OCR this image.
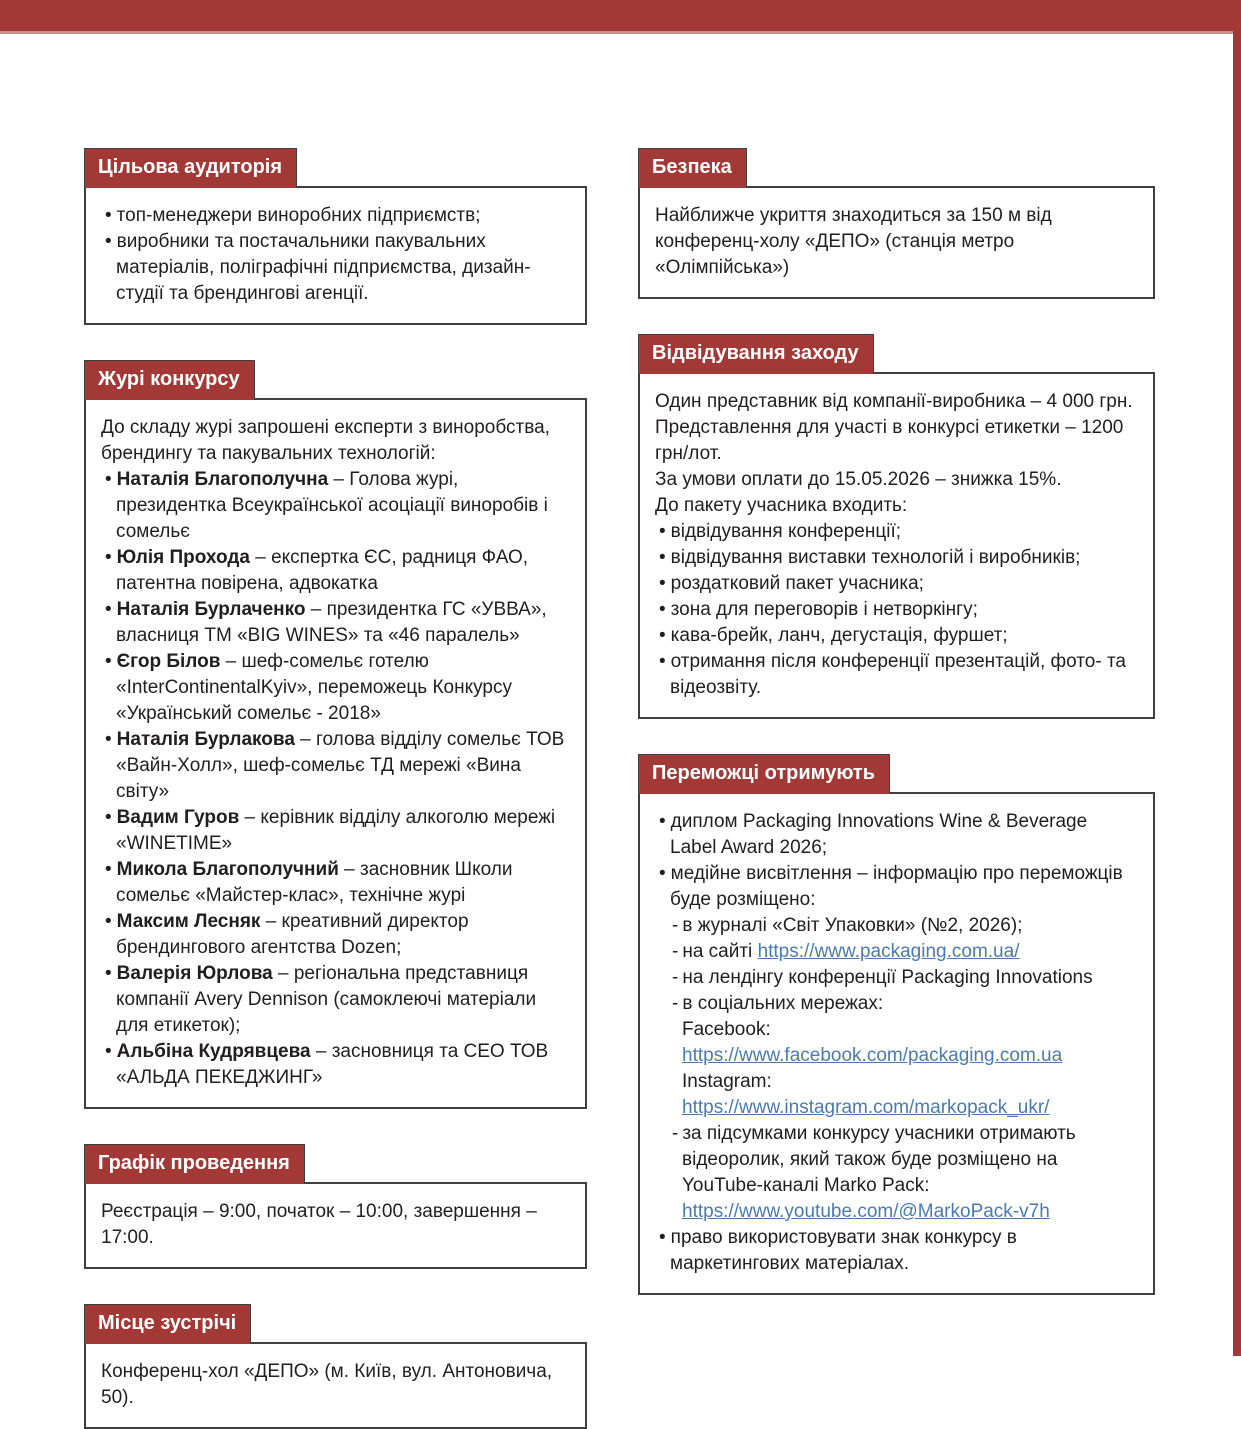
Цільова аудиторія

• топ-менеджери виноробних підприємств;

• виробники та постачальники пакувальних матеріалів, поліграфічні підприємства, дизайн-студії та брендингові агенції.

Журі конкурсу

До складу журі запрошені експерти з виноробства, брендингу та пакувальних технологій:

• Наталія Благополучна – Голова журі, президентка Всеукраїнської асоціації виноробів і сомельє

• Юлія Прохода – експертка ЄС, радниця ФАО, патентна повірена, адвокатка

• Наталія Бурлаченко – президентка ГС «УВВА», власниця ТМ «BIG WINES» та «46 паралель»

• Єгор Білов – шеф-сомельє готелю «InterContinentalKyiv», переможець Конкурсу «Український сомельє - 2018»

• Наталія Бурлакова – голова відділу сомельє ТОВ «Вайн-Холл», шеф-сомельє ТД мережі «Вина світу»

• Вадим Гуров – керівник відділу алкоголю мережі «WINETIME»

• Микола Благополучний – засновник Школи сомельє «Майстер-клас», технічне журі

• Максим Лесняк – креативний директор брендингового агентства Dozen;

• Валерія Юрлова – регіональна представниця компанії Avery Dennison (самоклеючі матеріали для етикеток);

• Альбіна Кудрявцева – засновниця та CEO ТОВ «АЛЬДА ПЕКЕДЖИНГ»

Графік проведення

Реєстрація – 9:00, початок – 10:00, завершення – 17:00.

Місце зустрічі

Конференц-хол «ДЕПО» (м. Київ, вул. Антоновича, 50).

Безпека

Найближче укриття знаходиться за 150 м від конференц-холу «ДЕПО» (станція метро «Олімпійська»)

Відвідування заходу

Один представник від компанії-виробника – 4 000 грн.

Представлення для участі в конкурсі етикетки – 1200 грн/лот.

За умови оплати до 15.05.2026 – знижка 15%.

До пакету учасника входить:

• відвідування конференції;

• відвідування виставки технологій і виробників;

• роздатковий пакет учасника;

• зона для переговорів і нетворкінгу;

• кава-брейк, ланч, дегустація, фуршет;

• отримання після конференції презентацій, фото- та відеозвіту.

Переможці отримують

• диплом Packaging Innovations Wine & Beverage Label Award 2026;

• медійне висвітлення – інформацію про переможців буде розміщено:

- в журналі «Світ Упаковки» (№2, 2026);

- на сайті https://www.packaging.com.ua/

- на лендінгу конференції Packaging Innovations

- в соціальних мережах:

Facebook: https://www.facebook.com/packaging.com.ua

Instagram: https://www.instagram.com/markopack_ukr/

- за підсумками конкурсу учасники отримають відеоролик, який також буде розміщено на YouTube-каналі Marko Pack: https://www.youtube.com/@MarkoPack-v7h

• право використовувати знак конкурсу в маркетингових матеріалах.
